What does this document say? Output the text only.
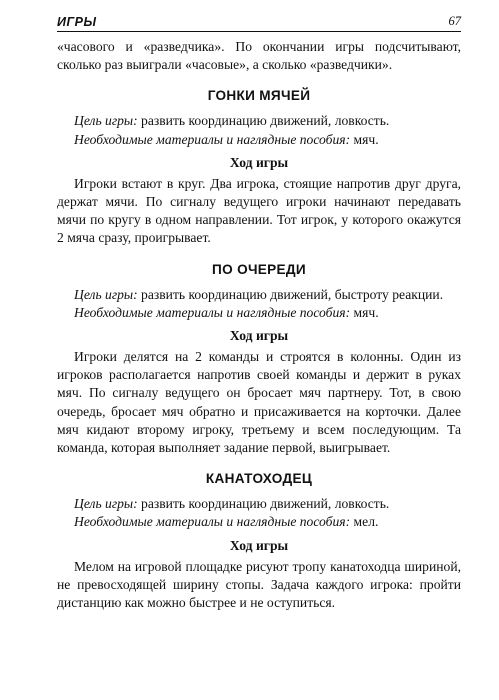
ИГРЫ	67

«часового и «разведчика». По окончании игры подсчитывают, сколько раз выиграли «часовые», а сколько «разведчики».

ГОНКИ МЯЧЕЙ

Цель игры: развить координацию движений, ловкость.

Необходимые материалы и наглядные пособия: мяч.

Ход игры

Игроки встают в круг. Два игрока, стоящие напротив друг друга, держат мячи. По сигналу ведущего игроки начинают передавать мячи по кругу в одном направлении. Тот игрок, у которого окажутся 2 мяча сразу, проигрывает.

ПО ОЧЕРЕДИ

Цель игры: развить координацию движений, быстроту реакции.

Необходимые материалы и наглядные пособия: мяч.

Ход игры

Игроки делятся на 2 команды и строятся в колонны. Один из игроков располагается напротив своей команды и держит в руках мяч. По сигналу ведущего он бросает мяч партнеру. Тот, в свою очередь, бросает мяч обратно и присаживается на корточки. Далее мяч кидают второму игроку, третьему и всем последующим. Та команда, которая выполняет задание первой, выигрывает.

КАНАТОХОДЕЦ

Цель игры: развить координацию движений, ловкость.

Необходимые материалы и наглядные пособия: мел.

Ход игры

Мелом на игровой площадке рисуют тропу канатоходца шириной, не превосходящей ширину стопы. Задача каждого игрока: пройти дистанцию как можно быстрее и не оступиться.
